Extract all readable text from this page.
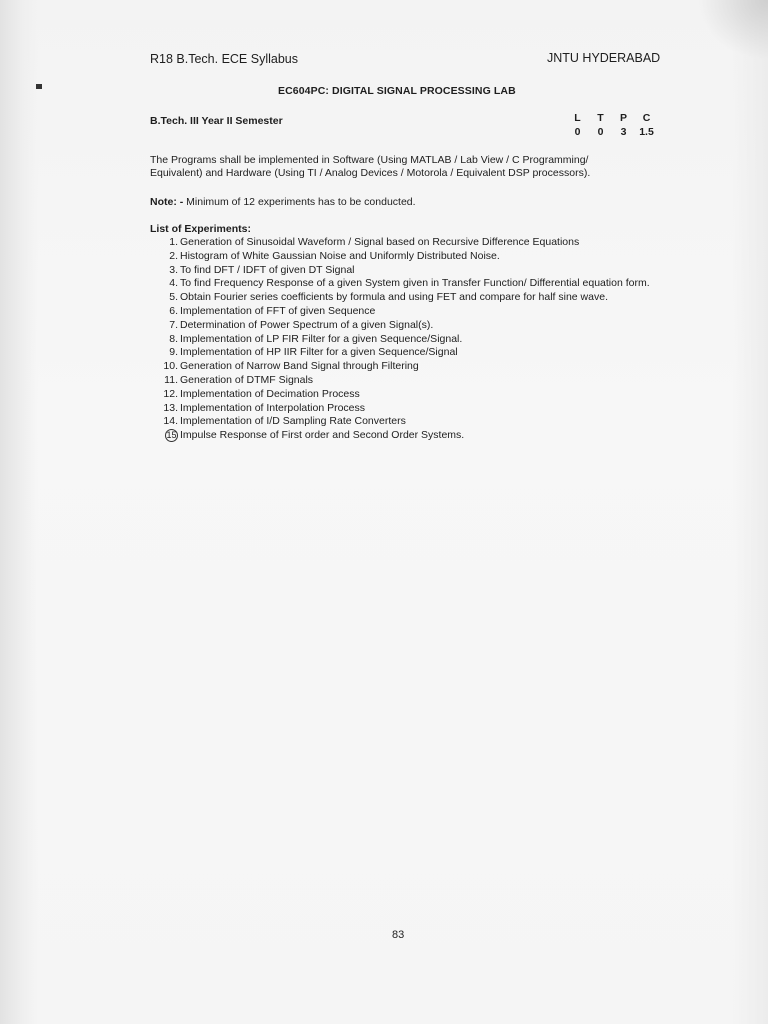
R18 B.Tech. ECE Syllabus	JNTU HYDERABAD
EC604PC: DIGITAL SIGNAL PROCESSING LAB
B.Tech. III Year II Semester	L	T	P	C
0	0	3	1.5
The Programs shall be implemented in Software (Using MATLAB / Lab View / C Programming/ Equivalent) and Hardware (Using TI / Analog Devices / Motorola / Equivalent DSP processors).
Note: - Minimum of 12 experiments has to be conducted.
List of Experiments:
1. Generation of Sinusoidal Waveform / Signal based on Recursive Difference Equations
2. Histogram of White Gaussian Noise and Uniformly Distributed Noise.
3. To find DFT / IDFT of given DT Signal
4. To find Frequency Response of a given System given in Transfer Function/ Differential equation form.
5. Obtain Fourier series coefficients by formula and using FET and compare for half sine wave.
6. Implementation of FFT of given Sequence
7. Determination of Power Spectrum of a given Signal(s).
8. Implementation of LP FIR Filter for a given Sequence/Signal.
9. Implementation of HP IIR Filter for a given Sequence/Signal
10. Generation of Narrow Band Signal through Filtering
11. Generation of DTMF Signals
12. Implementation of Decimation Process
13. Implementation of Interpolation Process
14. Implementation of I/D Sampling Rate Converters
15 Impulse Response of First order and Second Order Systems.
83
